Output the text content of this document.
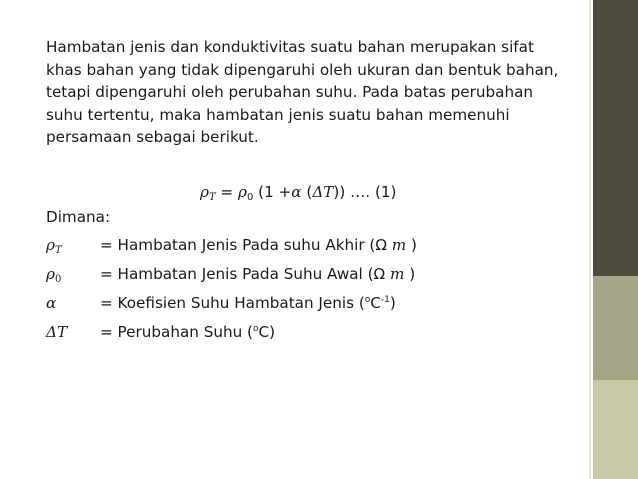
Hambatan jenis dan konduktivitas suatu bahan merupakan sifat khas bahan yang tidak dipengaruhi oleh ukuran dan bentuk bahan, tetapi dipengaruhi oleh perubahan suhu. Pada batas perubahan suhu tertentu, maka hambatan jenis suatu bahan memenuhi persamaan sebagai berikut.

$\rho_T = \rho_0$ (1 +α (ΔT)) …. (1)
Dimana:
$\rho_T$	= Hambatan Jenis Pada suhu Akhir (Ω m )
$\rho_0$	= Hambatan Jenis Pada Suhu Awal (Ω m )
α	= Koefisien Suhu Hambatan Jenis $(^oC^{-1})$
ΔT = Perubahan Suhu ($^o$C)
